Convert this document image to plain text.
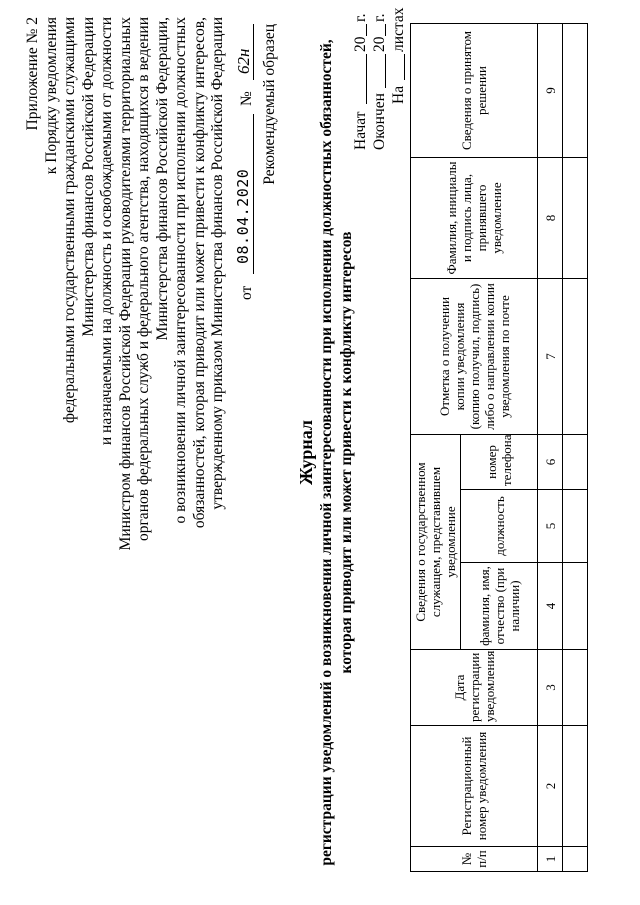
Приложение № 2 к Порядку уведомления федеральными государственными гражданскими служащими Министерства финансов Российской Федерации и назначаемыми на должность и освобождаемыми от должности Министром финансов Российской Федерации руководителями территориальных органов федеральных служб и федерального агентства, находящихся в ведении Министерства финансов Российской Федерации, о возникновении личной заинтересованности при исполнении должностных обязанностей, которая приводит или может привести к конфликту интересов, утвержденному приказом Министерства финансов Российской Федерации от
08.04.2020
№
62н Рекомендуемый образец
Журнал регистрации уведомлений о возникновении личной заинтересованности при исполнении должностных обязанностей, которая приводит или может привести к конфликту интересов
Начат
20
г.
Окончен
20
г.
На
листах
№ п/п	Регистрационный номер уведомления	Дата регистрации уведомления	Сведения о государственном служащем, представившем уведомление			Отметка о получении копии уведомления (копию получил, подпись) либо о направлении копии уведомления по почте	Фамилия, инициалы и подпись лица, принявшего уведомление	Сведения о принятом решении
			фамилия, имя, отчество (при наличии)	должность	номер телефона			
1	2	3	4	5	6	7	8	9
